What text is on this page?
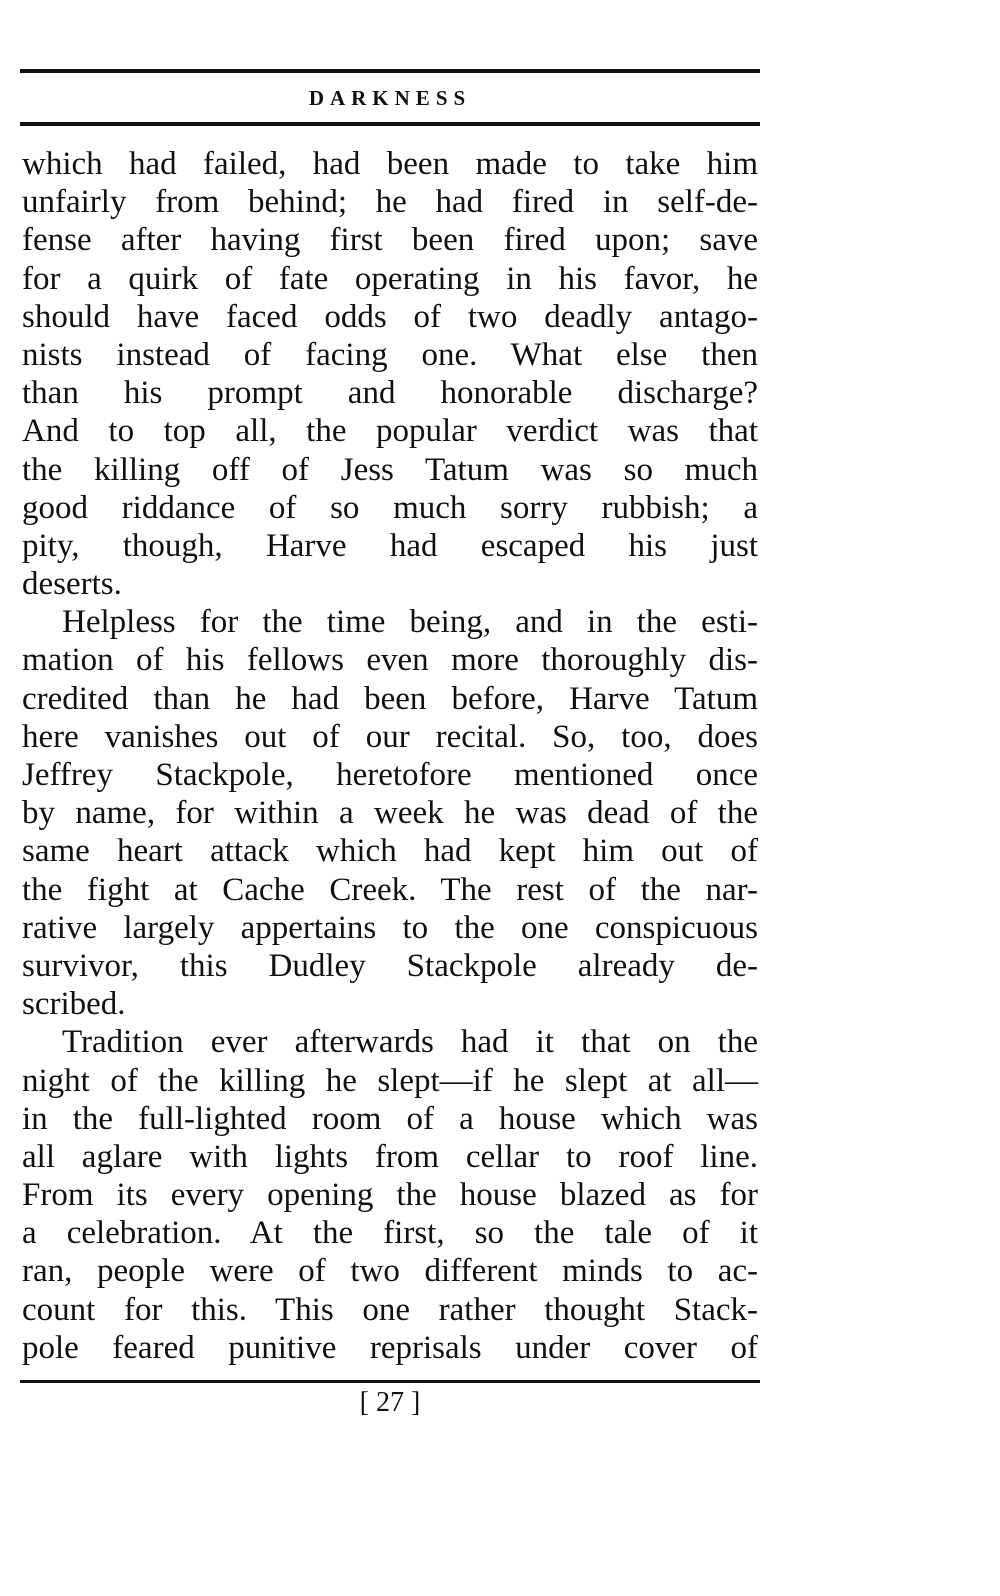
DARKNESS
which had failed, had been made to take him
unfairly from behind; he had fired in self-de-
fense after having first been fired upon; save
for a quirk of fate operating in his favor, he
should have faced odds of two deadly antago-
nists instead of facing one. What else then
than his prompt and honorable discharge?
And to top all, the popular verdict was that
the killing off of Jess Tatum was so much
good riddance of so much sorry rubbish; a
pity, though, Harve had escaped his just
deserts.
Helpless for the time being, and in the esti-
mation of his fellows even more thoroughly dis-
credited than he had been before, Harve Tatum
here vanishes out of our recital. So, too, does
Jeffrey Stackpole, heretofore mentioned once
by name, for within a week he was dead of the
same heart attack which had kept him out of
the fight at Cache Creek. The rest of the nar-
rative largely appertains to the one conspicuous
survivor, this Dudley Stackpole already de-
scribed.
Tradition ever afterwards had it that on the
night of the killing he slept—if he slept at all—
in the full-lighted room of a house which was
all aglare with lights from cellar to roof line.
From its every opening the house blazed as for
a celebration. At the first, so the tale of it
ran, people were of two different minds to ac-
count for this. This one rather thought Stack-
pole feared punitive reprisals under cover of
[ 27 ]
